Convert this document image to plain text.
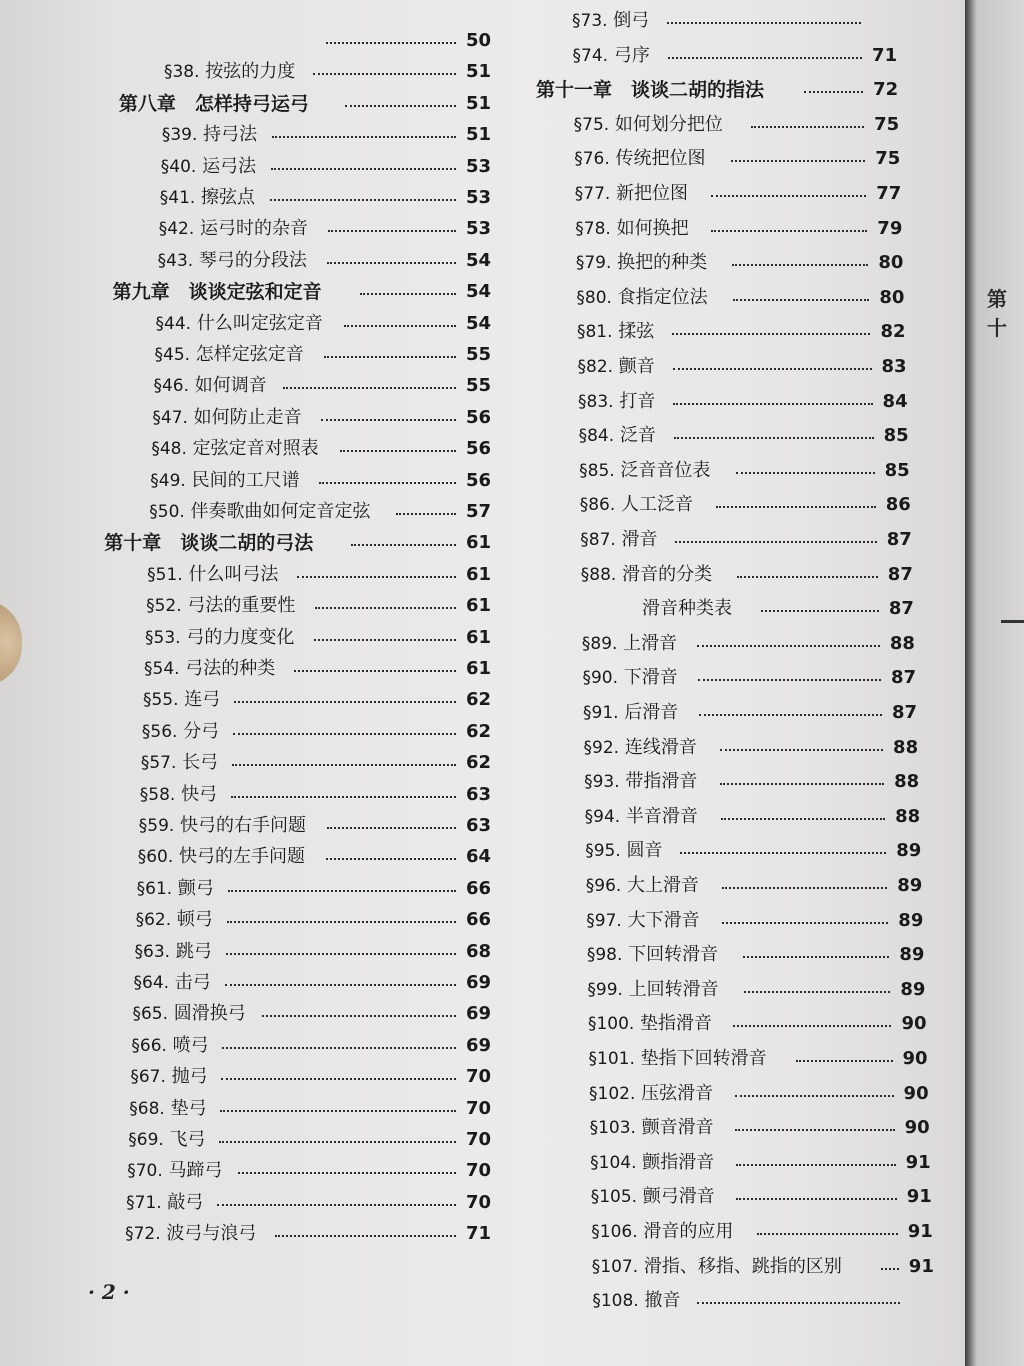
50
§38. 按弦的力度	51
第八章　怎样持弓运弓	51
§39. 持弓法	51
§40. 运弓法	53
§41. 擦弦点	53
§42. 运弓时的杂音	53
§43. 琴弓的分段法	54
第九章　谈谈定弦和定音	54
§44. 什么叫定弦定音	54
§45. 怎样定弦定音	55
§46. 如何调音	55
§47. 如何防止走音	56
§48. 定弦定音对照表	56
§49. 民间的工尺谱	56
§50. 伴奏歌曲如何定音定弦	57
第十章　谈谈二胡的弓法	61
§51. 什么叫弓法	61
§52. 弓法的重要性	61
§53. 弓的力度变化	61
§54. 弓法的种类	61
§55. 连弓	62
§56. 分弓	62
§57. 长弓	62
§58. 快弓	63
§59. 快弓的右手问题	63
§60. 快弓的左手问题	64
§61. 颤弓	66
§62. 顿弓	66
§63. 跳弓	68
§64. 击弓	69
§65. 圆滑换弓	69
§66. 喷弓	69
§67. 抛弓	70
§68. 垫弓	70
§69. 飞弓	70
§70. 马蹄弓	70
§71. 敲弓	70
§72. 波弓与浪弓	71
§73. 倒弓
§74. 弓序	71
第十一章　谈谈二胡的指法	72
§75. 如何划分把位	75
§76. 传统把位图	75
§77. 新把位图	77
§78. 如何换把	79
§79. 换把的种类	80
§80. 食指定位法	80
§81. 揉弦	82
§82. 颤音	83
§83. 打音	84
§84. 泛音	85
§85. 泛音音位表	85
§86. 人工泛音	86
§87. 滑音	87
§88. 滑音的分类	87
滑音种类表	87
§89. 上滑音	88
§90. 下滑音	87
§91. 后滑音	87
§92. 连线滑音	88
§93. 带指滑音	88
§94. 半音滑音	88
§95. 圆音	89
§96. 大上滑音	89
§97. 大下滑音	89
§98. 下回转滑音	89
§99. 上回转滑音	89
§100. 垫指滑音	90
§101. 垫指下回转滑音	90
§102. 压弦滑音	90
§103. 颤音滑音	90
§104. 颤指滑音	91
§105. 颤弓滑音	91
§106. 滑音的应用	91
§107. 滑指、移指、跳指的区别	91
§108. 撤音
· 2 ·
第十
